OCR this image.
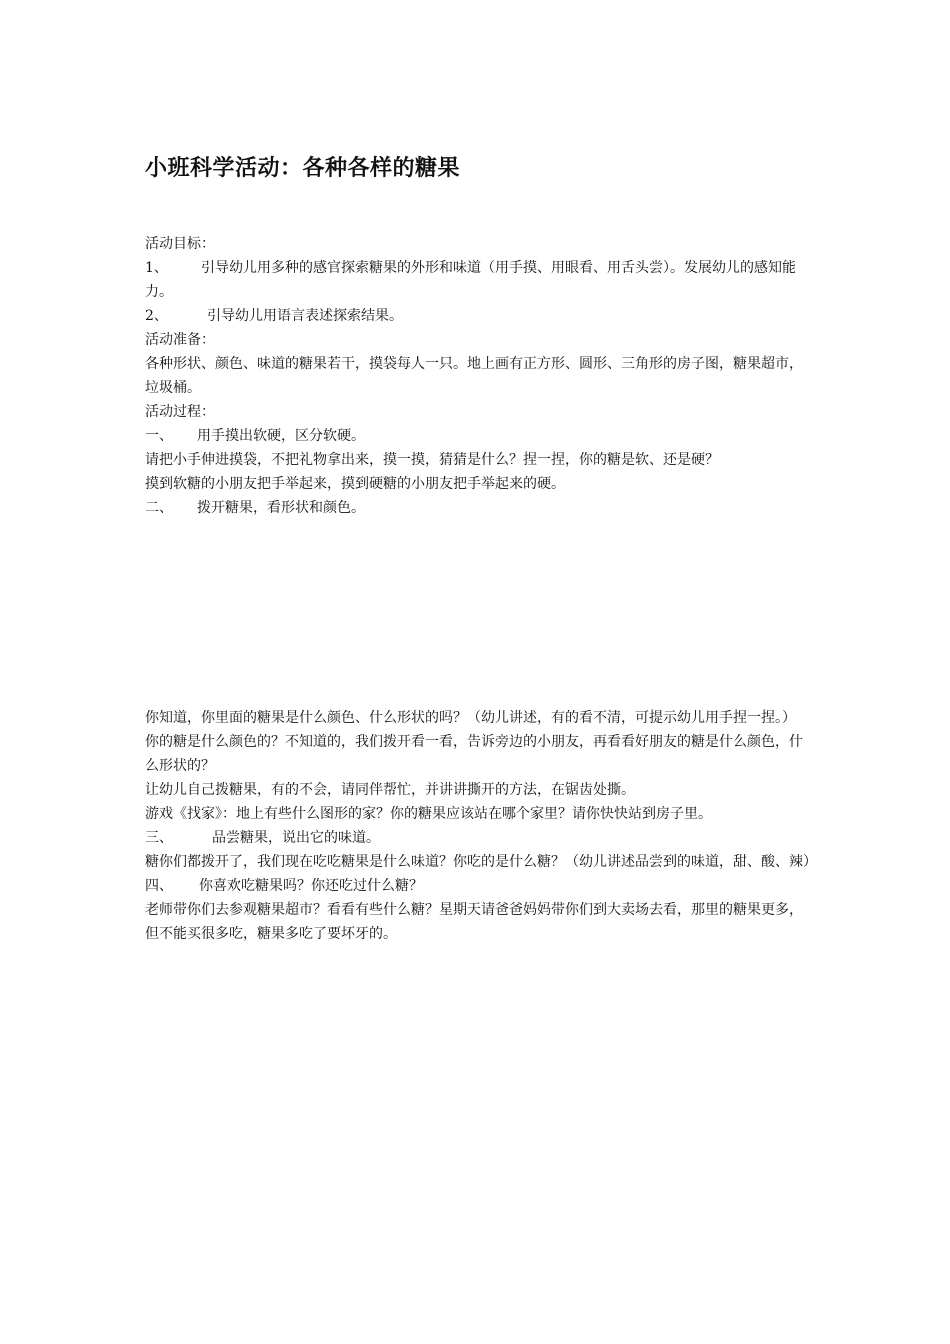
小班科学活动：各种各样的糖果

活动目标：

1、 引导幼儿用多种的感官探索糖果的外形和味道（用手摸、用眼看、用舌头尝）。发展幼儿的感知能力。

2、	引导幼儿用语言表述探索结果。

活动准备：

各种形状、颜色、味道的糖果若干，摸袋每人一只。地上画有正方形、圆形、三角形的房子图，糖果超市，垃圾桶。

活动过程：

一、 用手摸出软硬，区分软硬。

请把小手伸进摸袋，不把礼物拿出来，摸一摸，猜猜是什么？捏一捏，你的糖是软、还是硬？

摸到软糖的小朋友把手举起来，摸到硬糖的小朋友把手举起来的硬。

二、 拨开糖果，看形状和颜色。

你知道，你里面的糖果是什么颜色、什么形状的吗？（幼儿讲述，有的看不清，可提示幼儿用手捏一捏。）

你的糖是什么颜色的？不知道的，我们拨开看一看，告诉旁边的小朋友，再看看好朋友的糖是什么颜色，什么形状的？

让幼儿自己拨糖果，有的不会，请同伴帮忙，并讲讲撕开的方法，在锯齿处撕。

游戏《找家》：地上有些什么图形的家？你的糖果应该站在哪个家里？请你快快站到房子里。

三、	品尝糖果，说出它的味道。

糖你们都拨开了，我们现在吃吃糖果是什么味道？你吃的是什么糖？（幼儿讲述品尝到的味道，甜、酸、辣）

四、 你喜欢吃糖果吗？你还吃过什么糖？

老师带你们去参观糖果超市？看看有些什么糖？星期天请爸爸妈妈带你们到大卖场去看，那里的糖果更多，但不能买很多吃，糖果多吃了要坏牙的。
